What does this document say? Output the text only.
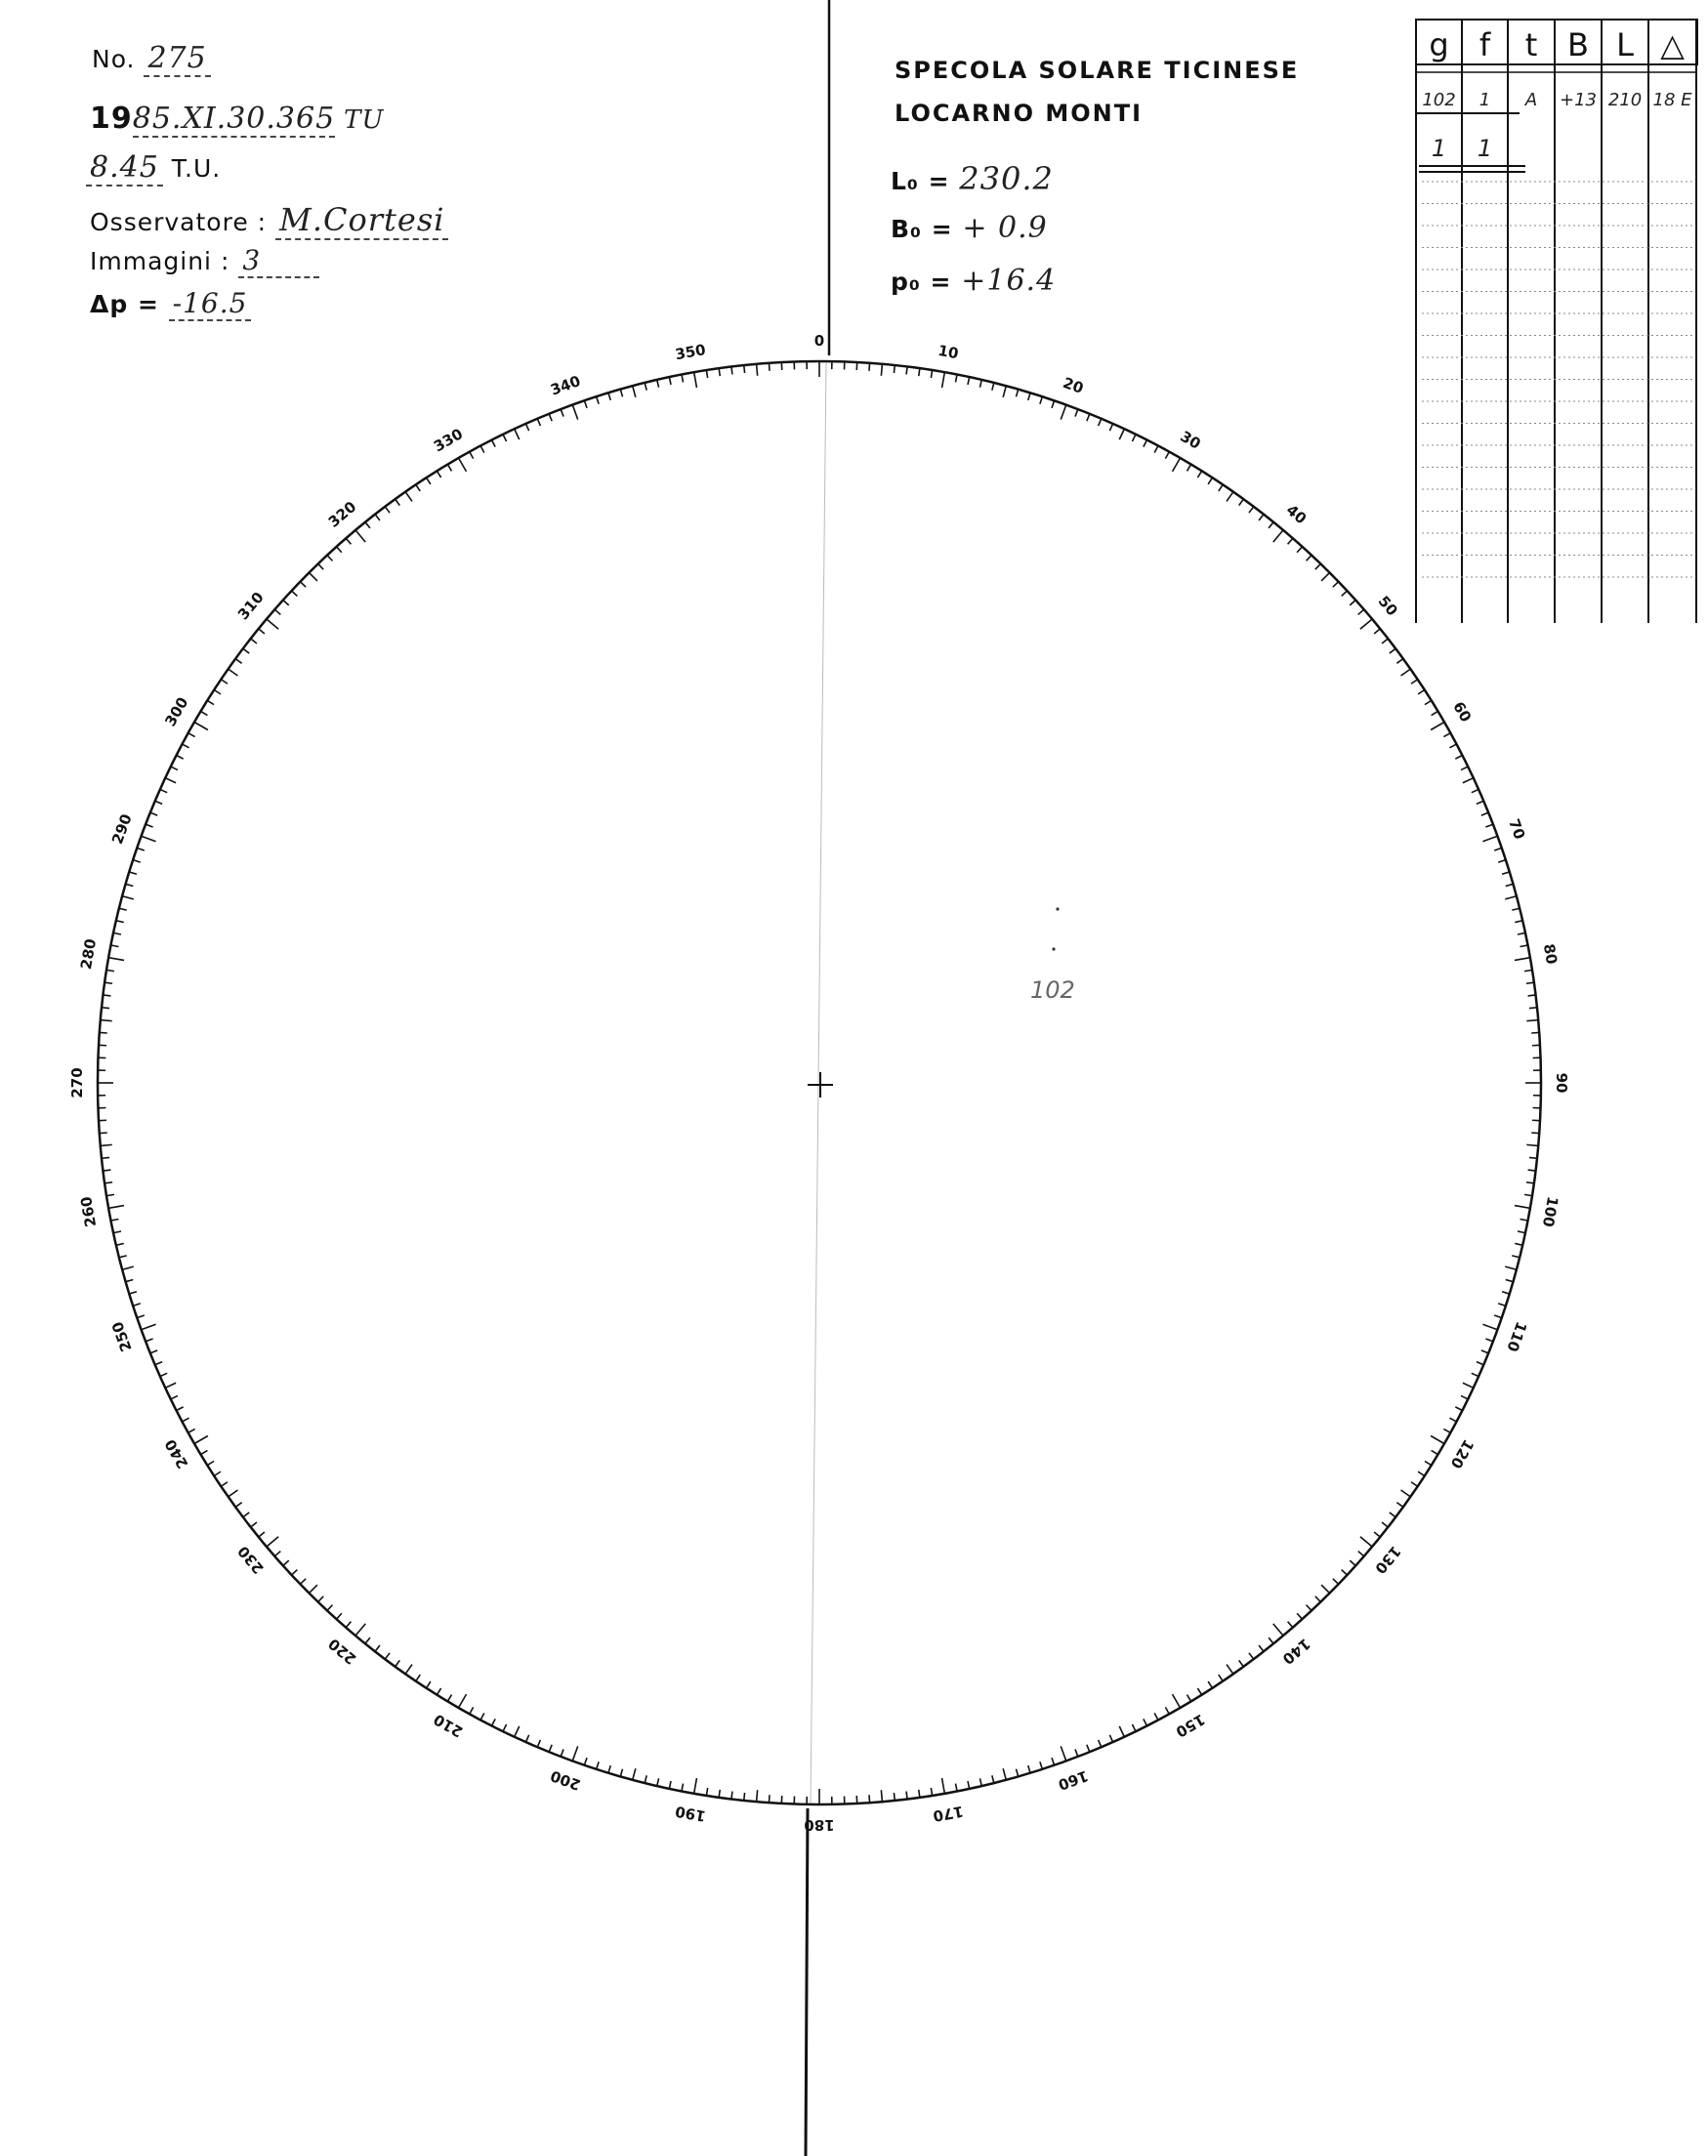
No. 275
1985.XI.30.365 TU
8.45 T.U.
Osservatore : M.Cortesi
Immagini : 3
Δp = -16.5
SPECOLA SOLARE TICINESE
LOCARNO MONTI
L₀ = 230.2
B₀ = + 0.9
p₀ = +16.4
0
10
20
30
40
50
60
70
80
90
100
110
120
130
140
150
160
170
180
190
200
210
220
230
240
250
260
270
280
290
300
310
320
330
340
350
102
g f t B L △
102 1 A +13 210 18 E
1 1
